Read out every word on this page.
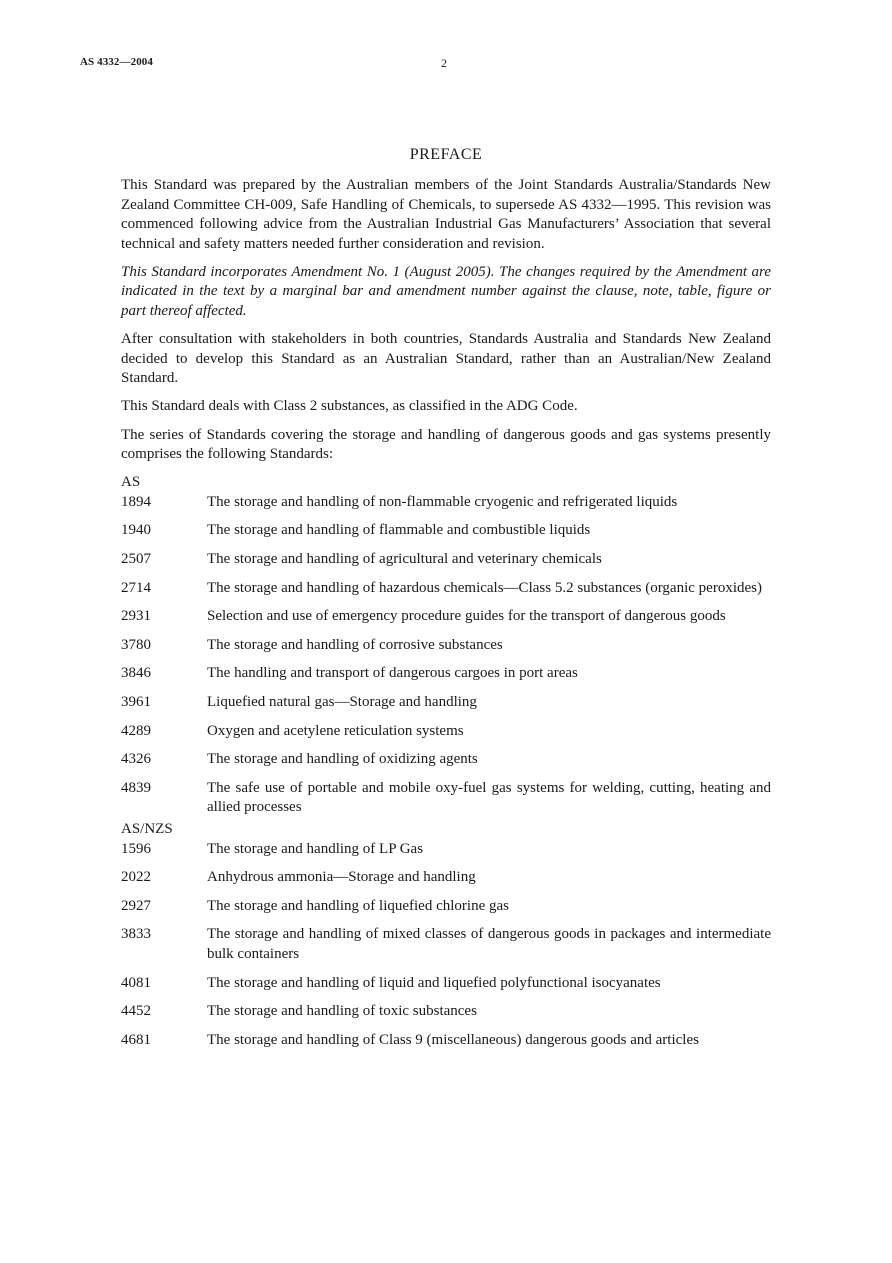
AS 4332—2004	2
PREFACE

This Standard was prepared by the Australian members of the Joint Standards Australia/Standards New Zealand Committee CH-009, Safe Handling of Chemicals, to supersede AS 4332—1995. This revision was commenced following advice from the Australian Industrial Gas Manufacturers’ Association that several technical and safety matters needed further consideration and revision.

This Standard incorporates Amendment No. 1 (August 2005). The changes required by the Amendment are indicated in the text by a marginal bar and amendment number against the clause, note, table, figure or part thereof affected.

After consultation with stakeholders in both countries, Standards Australia and Standards New Zealand decided to develop this Standard as an Australian Standard, rather than an Australian/New Zealand Standard.

This Standard deals with Class 2 substances, as classified in the ADG Code.

The series of Standards covering the storage and handling of dangerous goods and gas systems presently comprises the following Standards:

AS
1894	The storage and handling of non-flammable cryogenic and refrigerated liquids
1940	The storage and handling of flammable and combustible liquids
2507	The storage and handling of agricultural and veterinary chemicals
2714	The storage and handling of hazardous chemicals—Class 5.2 substances (organic peroxides)
2931	Selection and use of emergency procedure guides for the transport of dangerous goods
3780	The storage and handling of corrosive substances
3846	The handling and transport of dangerous cargoes in port areas
3961	Liquefied natural gas—Storage and handling
4289	Oxygen and acetylene reticulation systems
4326	The storage and handling of oxidizing agents
4839	The safe use of portable and mobile oxy-fuel gas systems for welding, cutting, heating and allied processes
AS/NZS
1596	The storage and handling of LP Gas
2022	Anhydrous ammonia—Storage and handling
2927	The storage and handling of liquefied chlorine gas
3833	The storage and handling of mixed classes of dangerous goods in packages and intermediate bulk containers
4081	The storage and handling of liquid and liquefied polyfunctional isocyanates
4452	The storage and handling of toxic substances
4681	The storage and handling of Class 9 (miscellaneous) dangerous goods and articles
